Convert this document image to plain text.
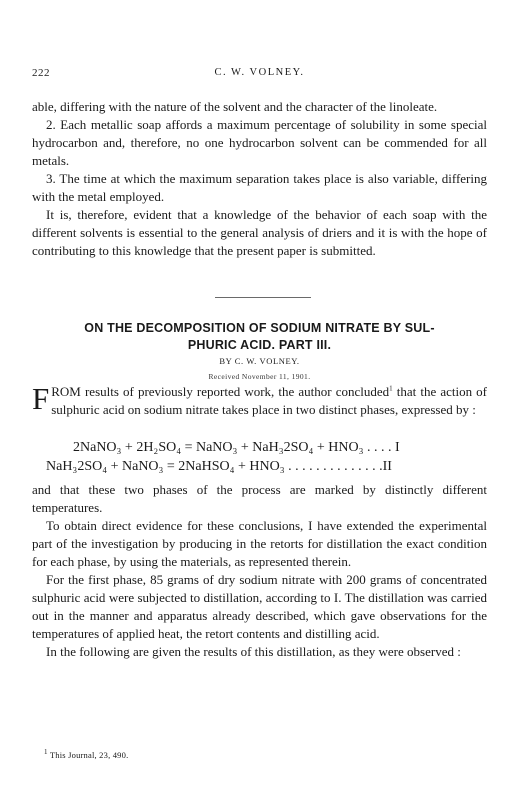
222	C. W. VOLNEY.

able, differing with the nature of the solvent and the character of the linoleate.

2. Each metallic soap affords a maximum percentage of solubility in some special hydrocarbon and, therefore, no one hydrocarbon solvent can be commended for all metals.

3. The time at which the maximum separation takes place is also variable, differing with the metal employed.

It is, therefore, evident that a knowledge of the behavior of each soap with the different solvents is essential to the general analysis of driers and it is with the hope of contributing to this knowledge that the present paper is submitted.

ON THE DECOMPOSITION OF SODIUM NITRATE BY SUL-
PHURIC ACID. PART III.
BY C. W. VOLNEY.
Received November 11, 1901.

FROM results of previously reported work, the author concluded$^1$ that the action of sulphuric acid on sodium nitrate takes place in two distinct phases, expressed by :

2NaNO₃ + 2H₂SO₄ = NaNO₃ + NaH₃2SO₄ + HNO₃ . . . . I
NaH₃2SO₄ + NaNO₃ = 2NaHSO₄ + HNO₃ . . . . . . . . . . . . . .II

and that these two phases of the process are marked by distinctly different temperatures.

To obtain direct evidence for these conclusions, I have extended the experimental part of the investigation by producing in the retorts for distillation the exact condition for each phase, by using the materials, as represented therein.

For the first phase, 85 grams of dry sodium nitrate with 200 grams of concentrated sulphuric acid were subjected to distillation, according to I. The distillation was carried out in the manner and apparatus already described, which gave observations for the temperatures of applied heat, the retort contents and distilling acid.

In the following are given the results of this distillation, as they were observed :

$^1$ This Journal, 23, 490.
